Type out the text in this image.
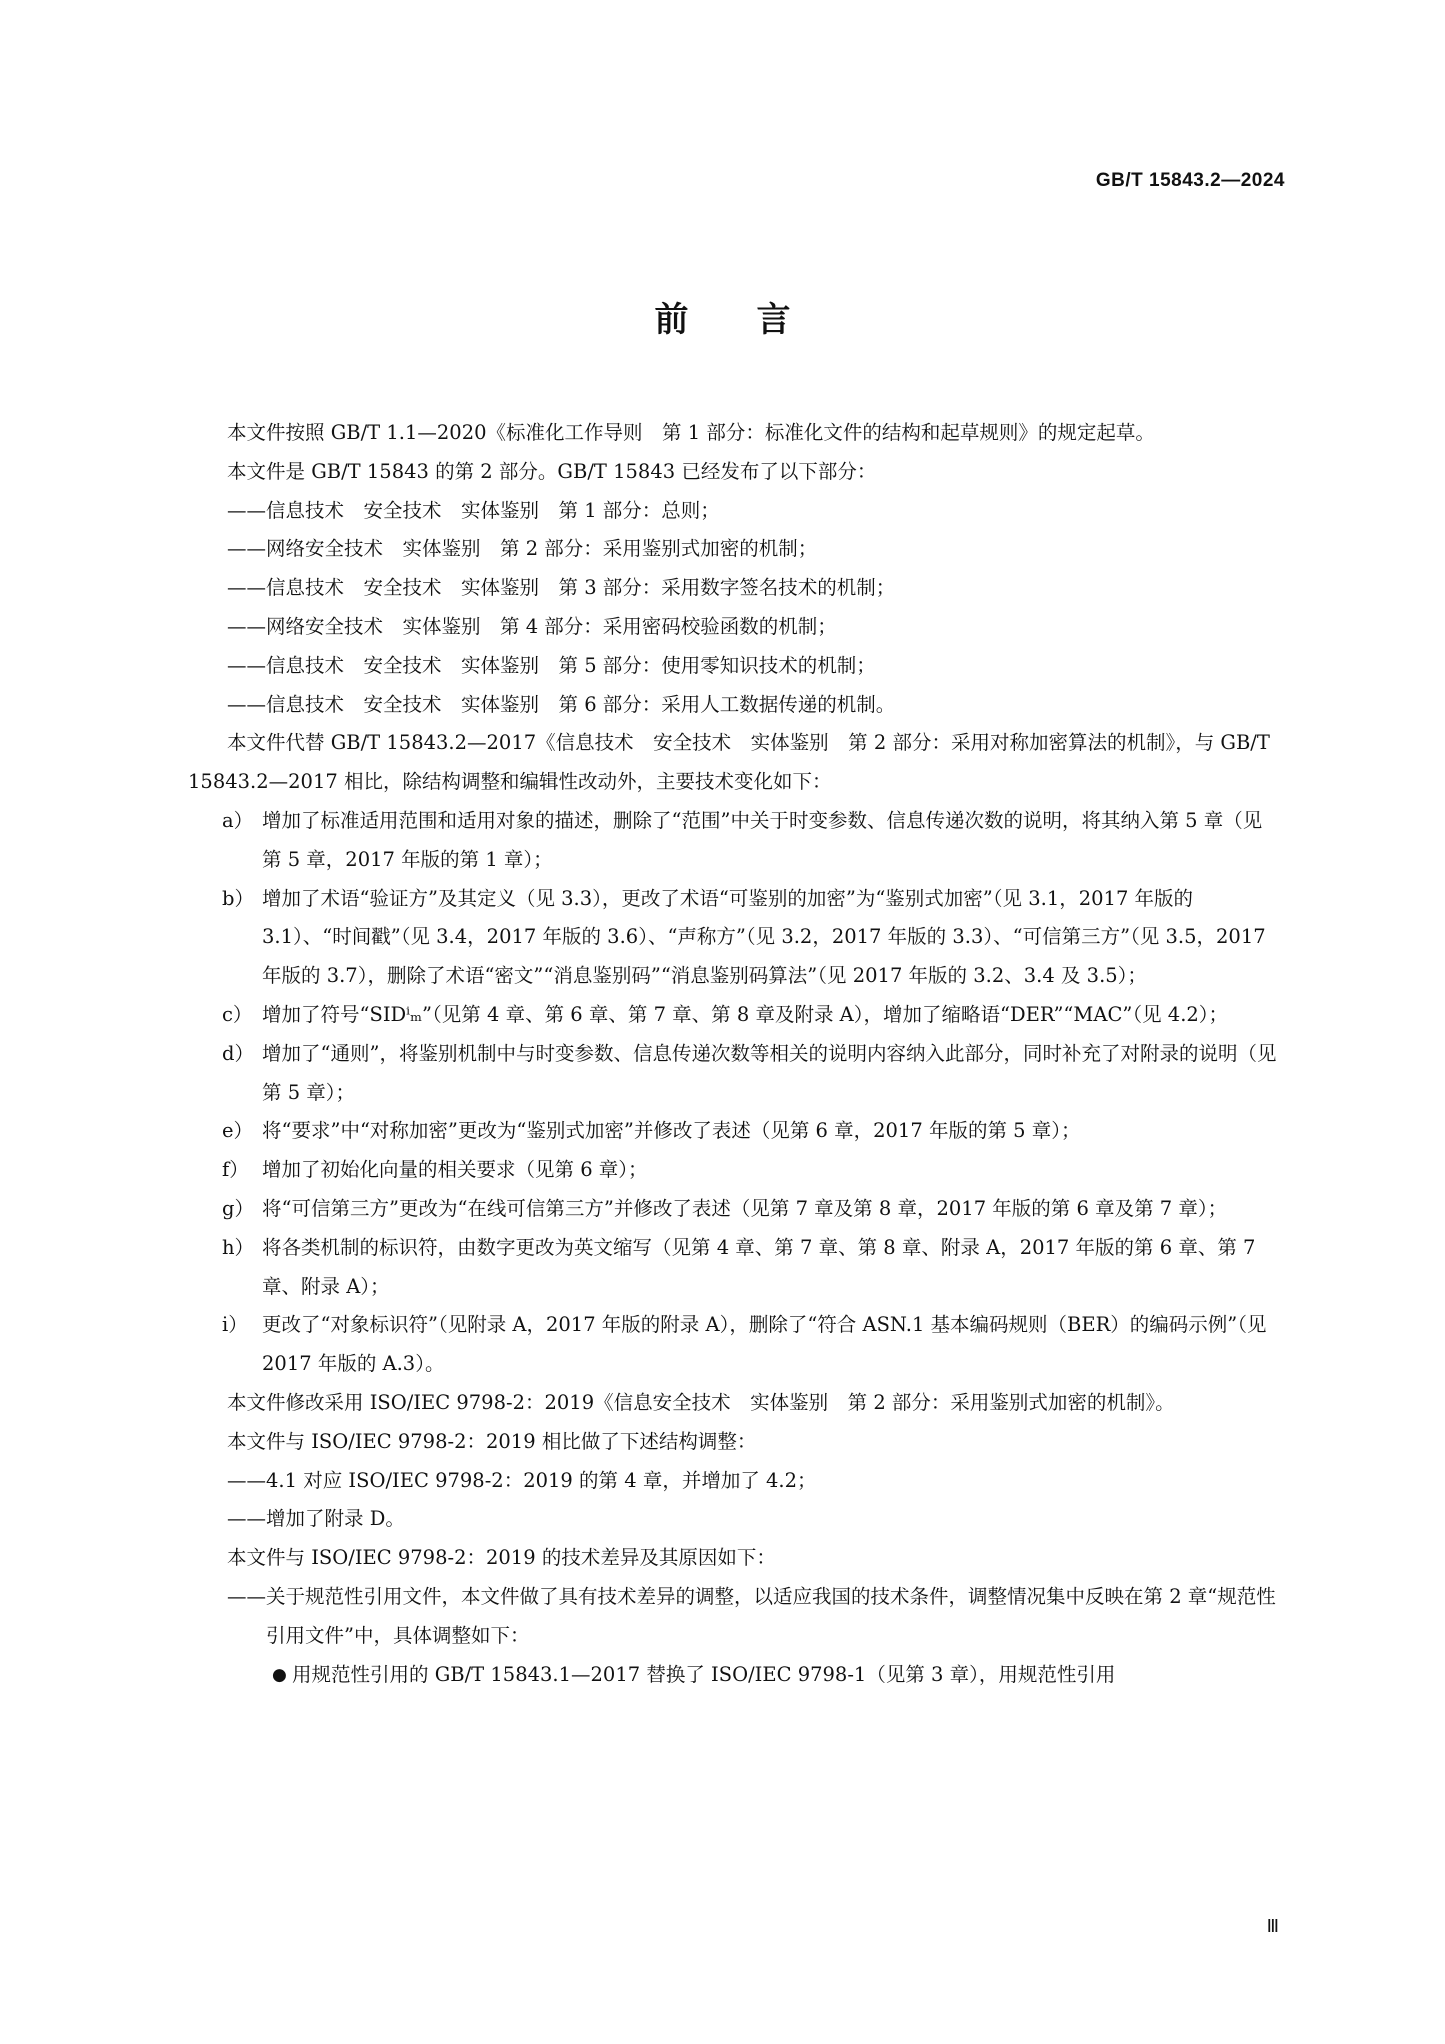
GB/T 15843.2—2024
前　　言

本文件按照 GB/T 1.1—2020《标准化工作导则　第 1 部分：标准化文件的结构和起草规则》的规定起草。

本文件是 GB/T 15843 的第 2 部分。GB/T 15843 已经发布了以下部分：

——信息技术　安全技术　实体鉴别　第 1 部分：总则；

——网络安全技术　实体鉴别　第 2 部分：采用鉴别式加密的机制；

——信息技术　安全技术　实体鉴别　第 3 部分：采用数字签名技术的机制；

——网络安全技术　实体鉴别　第 4 部分：采用密码校验函数的机制；

——信息技术　安全技术　实体鉴别　第 5 部分：使用零知识技术的机制；

——信息技术　安全技术　实体鉴别　第 6 部分：采用人工数据传递的机制。

本文件代替 GB/T 15843.2—2017《信息技术　安全技术　实体鉴别　第 2 部分：采用对称加密算法的机制》，与 GB/T 15843.2—2017 相比，除结构调整和编辑性改动外，主要技术变化如下：

a） 增加了标准适用范围和适用对象的描述，删除了“范围”中关于时变参数、信息传递次数的说明，将其纳入第 5 章（见第 5 章，2017 年版的第 1 章）；

b） 增加了术语“验证方”及其定义（见 3.3），更改了术语“可鉴别的加密”为“鉴别式加密”（见 3.1，2017 年版的 3.1）、“时间戳”（见 3.4，2017 年版的 3.6）、“声称方”（见 3.2，2017 年版的 3.3）、“可信第三方”（见 3.5，2017 年版的 3.7），删除了术语“密文”“消息鉴别码”“消息鉴别码算法”（见 2017 年版的 3.2、3.4 及 3.5）；

c） 增加了符号“SIDⁱₘ”（见第 4 章、第 6 章、第 7 章、第 8 章及附录 A），增加了缩略语“DER”“MAC”（见 4.2）；

d） 增加了“通则”，将鉴别机制中与时变参数、信息传递次数等相关的说明内容纳入此部分，同时补充了对附录的说明（见第 5 章）；

e） 将“要求”中“对称加密”更改为“鉴别式加密”并修改了表述（见第 6 章，2017 年版的第 5 章）；

f） 增加了初始化向量的相关要求（见第 6 章）；

g） 将“可信第三方”更改为“在线可信第三方”并修改了表述（见第 7 章及第 8 章，2017 年版的第 6 章及第 7 章）；

h） 将各类机制的标识符，由数字更改为英文缩写（见第 4 章、第 7 章、第 8 章、附录 A，2017 年版的第 6 章、第 7 章、附录 A）；

i） 更改了“对象标识符”（见附录 A，2017 年版的附录 A），删除了“符合 ASN.1 基本编码规则（BER）的编码示例”（见 2017 年版的 A.3）。

本文件修改采用 ISO/IEC 9798-2：2019《信息安全技术　实体鉴别　第 2 部分：采用鉴别式加密的机制》。

本文件与 ISO/IEC 9798-2：2019 相比做了下述结构调整：

——4.1 对应 ISO/IEC 9798-2：2019 的第 4 章，并增加了 4.2；

——增加了附录 D。

本文件与 ISO/IEC 9798-2：2019 的技术差异及其原因如下：

——关于规范性引用文件，本文件做了具有技术差异的调整，以适应我国的技术条件，调整情况集中反映在第 2 章“规范性引用文件”中，具体调整如下：

● 用规范性引用的 GB/T 15843.1—2017 替换了 ISO/IEC 9798-1（见第 3 章），用规范性引用

Ⅲ
